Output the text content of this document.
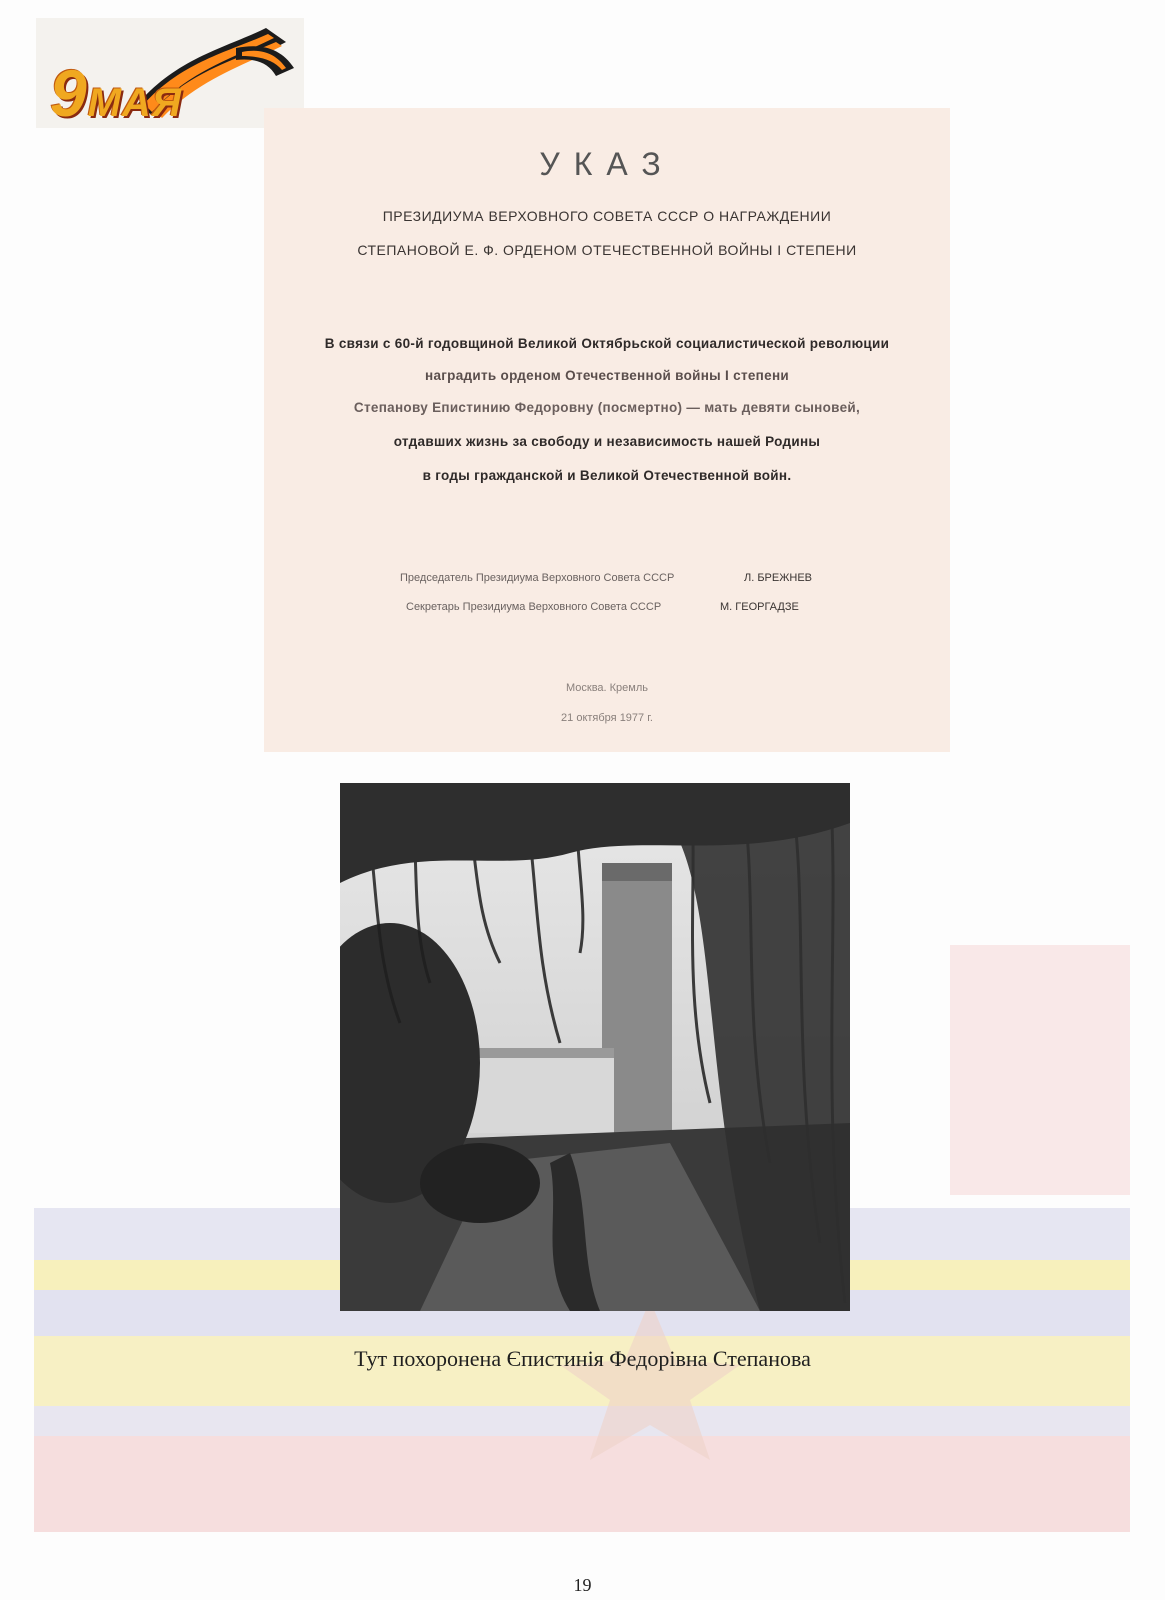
9МАЯ
УКАЗ
ПРЕЗИДИУМА ВЕРХОВНОГО СОВЕТА СССР О НАГРАЖДЕНИИ
СТЕПАНОВОЙ Е. Ф. ОРДЕНОМ ОТЕЧЕСТВЕННОЙ ВОЙНЫ I СТЕПЕНИ
В связи с 60-й годовщиной Великой Октябрьской социалистической революции
наградить орденом Отечественной войны I степени
Степанову Епистинию Федоровну (посмертно) — мать девяти сыновей,
отдавших жизнь за свободу и независимость нашей Родины
в годы гражданской и Великой Отечественной войн.
Председатель Президиума Верховного Совета СССР	Л. БРЕЖНЕВ
Секретарь Президиума Верховного Совета СССР	М. ГЕОРГАДЗЕ
Москва. Кремль
21 октября 1977 г.
Тут похоронена Єпистинія Федорівна Степанова
19
